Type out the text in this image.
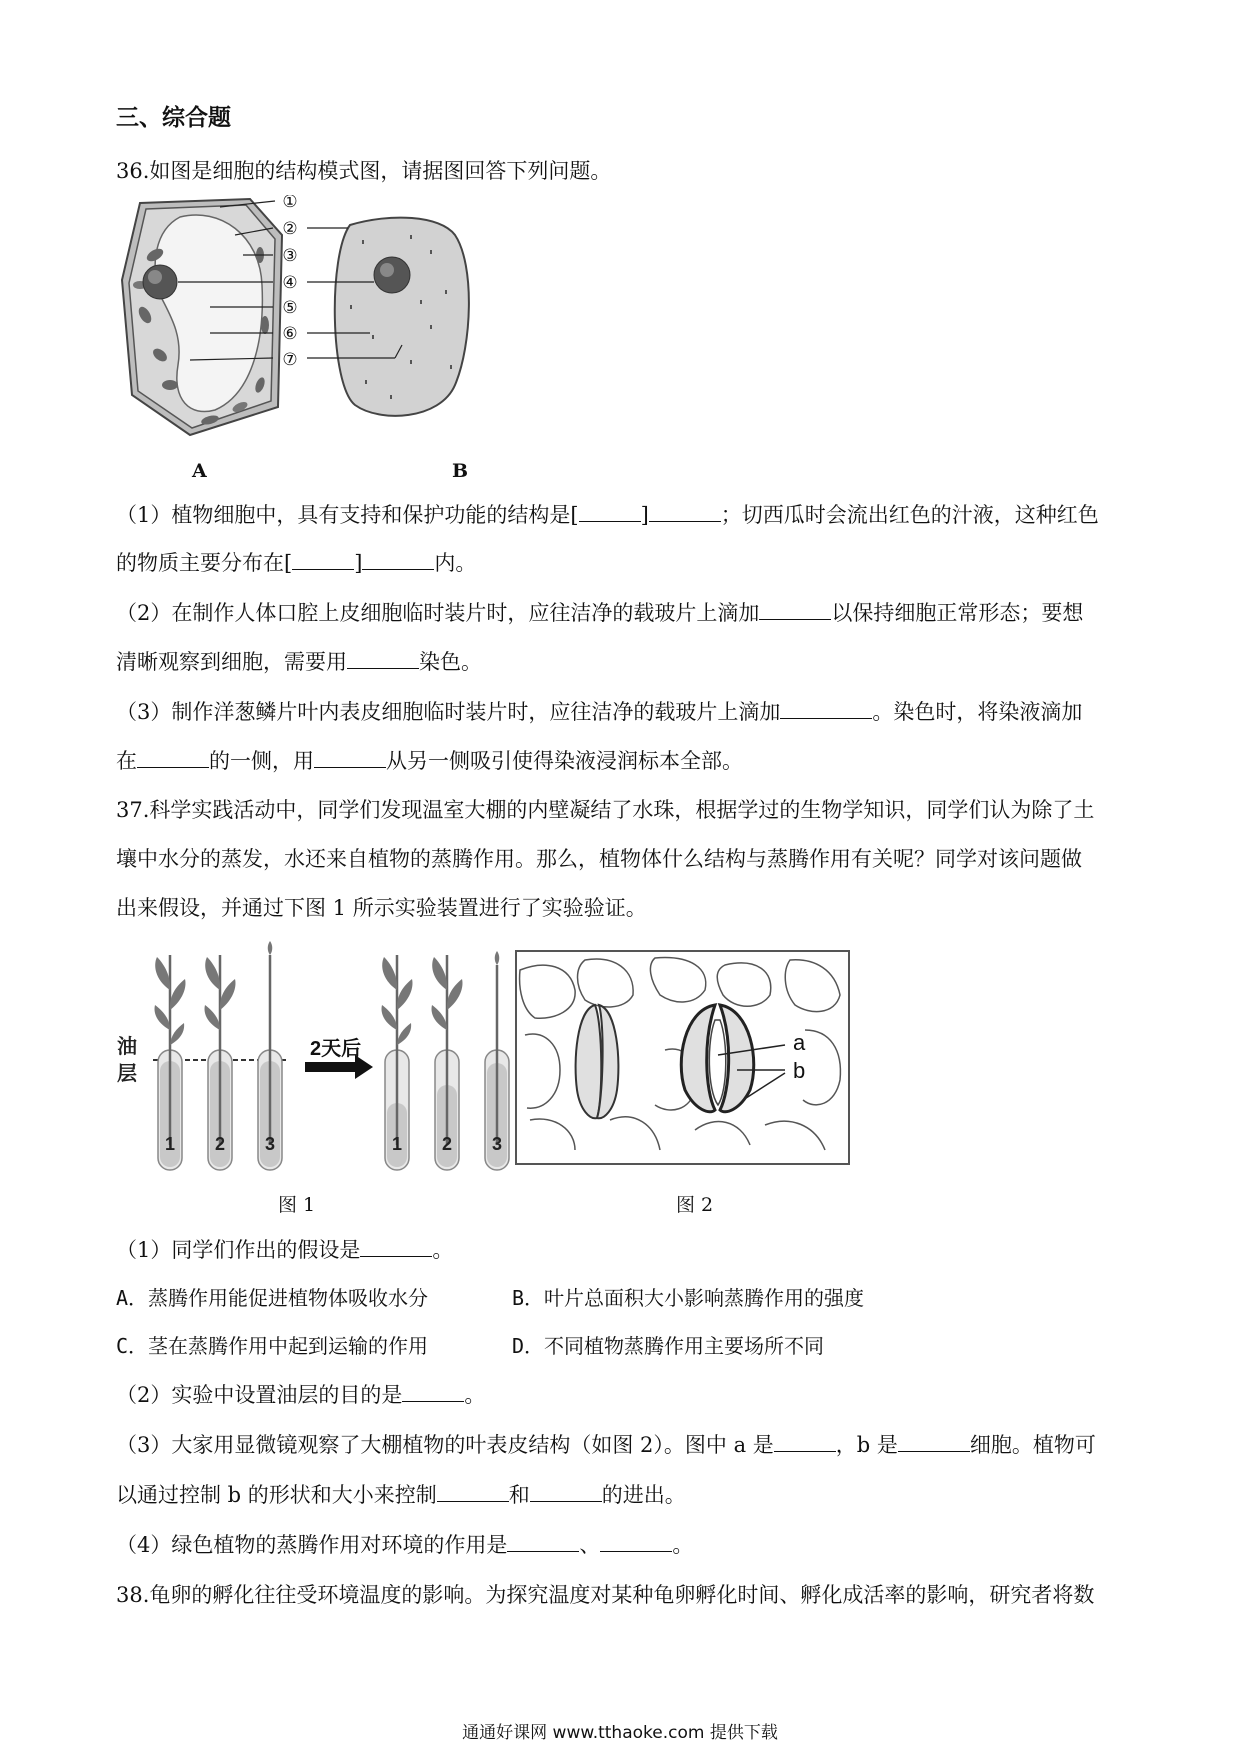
三、综合题
36.如图是细胞的结构模式图，请据图回答下列问题。
①
②
③
④
⑤
⑥
⑦
A	B
（1）植物细胞中，具有支持和保护功能的结构是[	]	；切西瓜时会流出红色的汁液，这种红色
的物质主要分布在[	]	内。
（2）在制作人体口腔上皮细胞临时装片时，应往洁净的载玻片上滴加	以保持细胞正常形态；要想
清晰观察到细胞，需要用	染色。
（3）制作洋葱鳞片叶内表皮细胞临时装片时，应往洁净的载玻片上滴加	。染色时，将染液滴加
在	的一侧，用	从另一侧吸引使得染液浸润标本全部。
37.科学实践活动中，同学们发现温室大棚的内壁凝结了水珠，根据学过的生物学知识，同学们认为除了土
壤中水分的蒸发，水还来自植物的蒸腾作用。那么，植物体什么结构与蒸腾作用有关呢？同学对该问题做
出来假设，并通过下图 1 所示实验装置进行了实验验证。
油
层
2天后
1 2 3	1 2 3
a
b
图 1	图 2
（1）同学们作出的假设是	。
A．蒸腾作用能促进植物体吸收水分	B．叶片总面积大小影响蒸腾作用的强度
C．茎在蒸腾作用中起到运输的作用	D．不同植物蒸腾作用主要场所不同
（2）实验中设置油层的目的是	。
（3）大家用显微镜观察了大棚植物的叶表皮结构（如图 2）。图中 a 是	，b 是	细胞。植物可
以通过控制 b 的形状和大小来控制	和	的进出。
（4）绿色植物的蒸腾作用对环境的作用是	、	。
38.龟卵的孵化往往受环境温度的影响。为探究温度对某种龟卵孵化时间、孵化成活率的影响，研究者将数
通通好课网 www.tthaoke.com 提供下载
